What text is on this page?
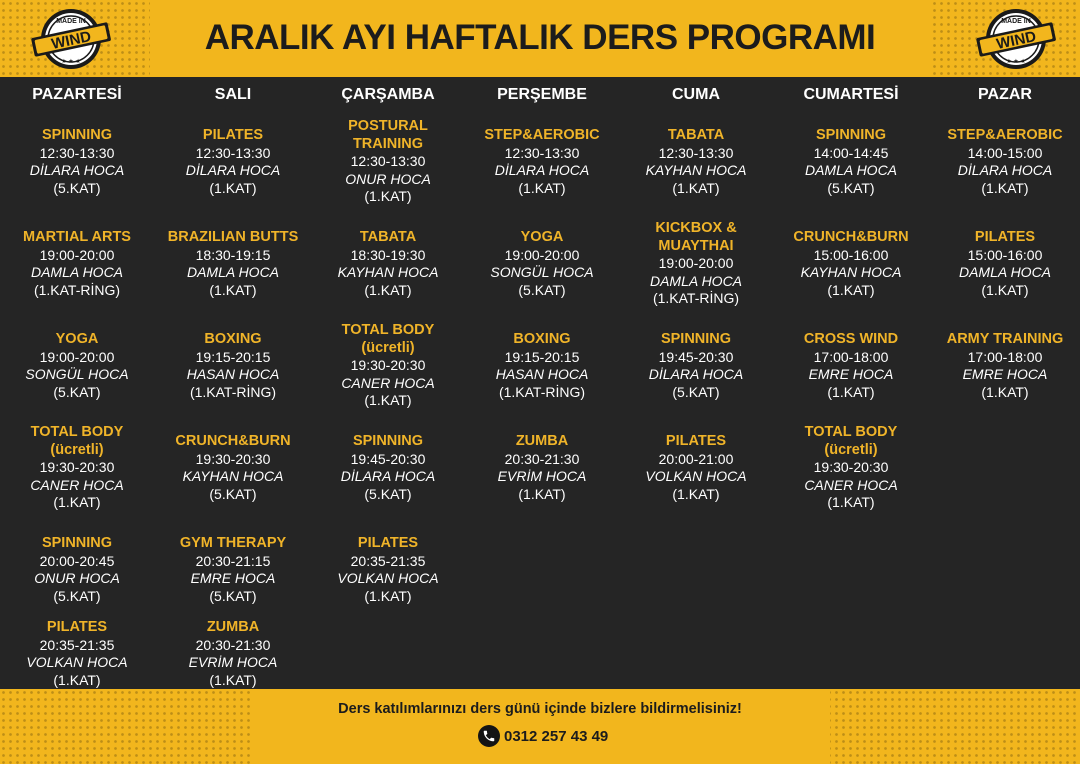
WIND
MADE IN
★ ★ ★
ARALIK AYI HAFTALIK DERS PROGRAMI	WIND
MADE IN
★ ★ ★
PAZARTESİ
SPINNING
12:30-13:30
DİLARA HOCA
(5.KAT)
MARTIAL ARTS
19:00-20:00
DAMLA HOCA
(1.KAT-RİNG)
YOGA
19:00-20:00
SONGÜL HOCA
(5.KAT)
TOTAL BODY
(ücretli)
19:30-20:30
CANER HOCA
(1.KAT)
SPINNING
20:00-20:45
ONUR HOCA
(5.KAT)
PILATES
20:35-21:35
VOLKAN HOCA
(1.KAT)
SALI
PILATES
12:30-13:30
DİLARA HOCA
(1.KAT)
BRAZILIAN BUTTS
18:30-19:15
DAMLA HOCA
(1.KAT)
BOXING
19:15-20:15
HASAN HOCA
(1.KAT-RİNG)
CRUNCH&BURN
19:30-20:30
KAYHAN HOCA
(5.KAT)
GYM THERAPY
20:30-21:15
EMRE HOCA
(5.KAT)
ZUMBA
20:30-21:30
EVRİM HOCA
(1.KAT)
ÇARŞAMBA
POSTURAL
TRAINING
12:30-13:30
ONUR HOCA
(1.KAT)
TABATA
18:30-19:30
KAYHAN HOCA
(1.KAT)
TOTAL BODY
(ücretli)
19:30-20:30
CANER HOCA
(1.KAT)
SPINNING
19:45-20:30
DİLARA HOCA
(5.KAT)
PILATES
20:35-21:35
VOLKAN HOCA
(1.KAT)
PERŞEMBE
STEP&AEROBIC
12:30-13:30
DİLARA HOCA
(1.KAT)
YOGA
19:00-20:00
SONGÜL HOCA
(5.KAT)
BOXING
19:15-20:15
HASAN HOCA
(1.KAT-RİNG)
ZUMBA
20:30-21:30
EVRİM HOCA
(1.KAT)
CUMA
TABATA
12:30-13:30
KAYHAN HOCA
(1.KAT)
KICKBOX &
MUAYTHAI
19:00-20:00
DAMLA HOCA
(1.KAT-RİNG)
SPINNING
19:45-20:30
DİLARA HOCA
(5.KAT)
PILATES
20:00-21:00
VOLKAN HOCA
(1.KAT)
CUMARTESİ
SPINNING
14:00-14:45
DAMLA HOCA
(5.KAT)
CRUNCH&BURN
15:00-16:00
KAYHAN HOCA
(1.KAT)
CROSS WIND
17:00-18:00
EMRE HOCA
(1.KAT)
TOTAL BODY
(ücretli)
19:30-20:30
CANER HOCA
(1.KAT)
PAZAR
STEP&AEROBIC
14:00-15:00
DİLARA HOCA
(1.KAT)
PILATES
15:00-16:00
DAMLA HOCA
(1.KAT)
ARMY TRAINING
17:00-18:00
EMRE HOCA
(1.KAT)
Ders katılımlarınızı ders günü içinde bizlere bildirmelisiniz!
0312 257 43 49
